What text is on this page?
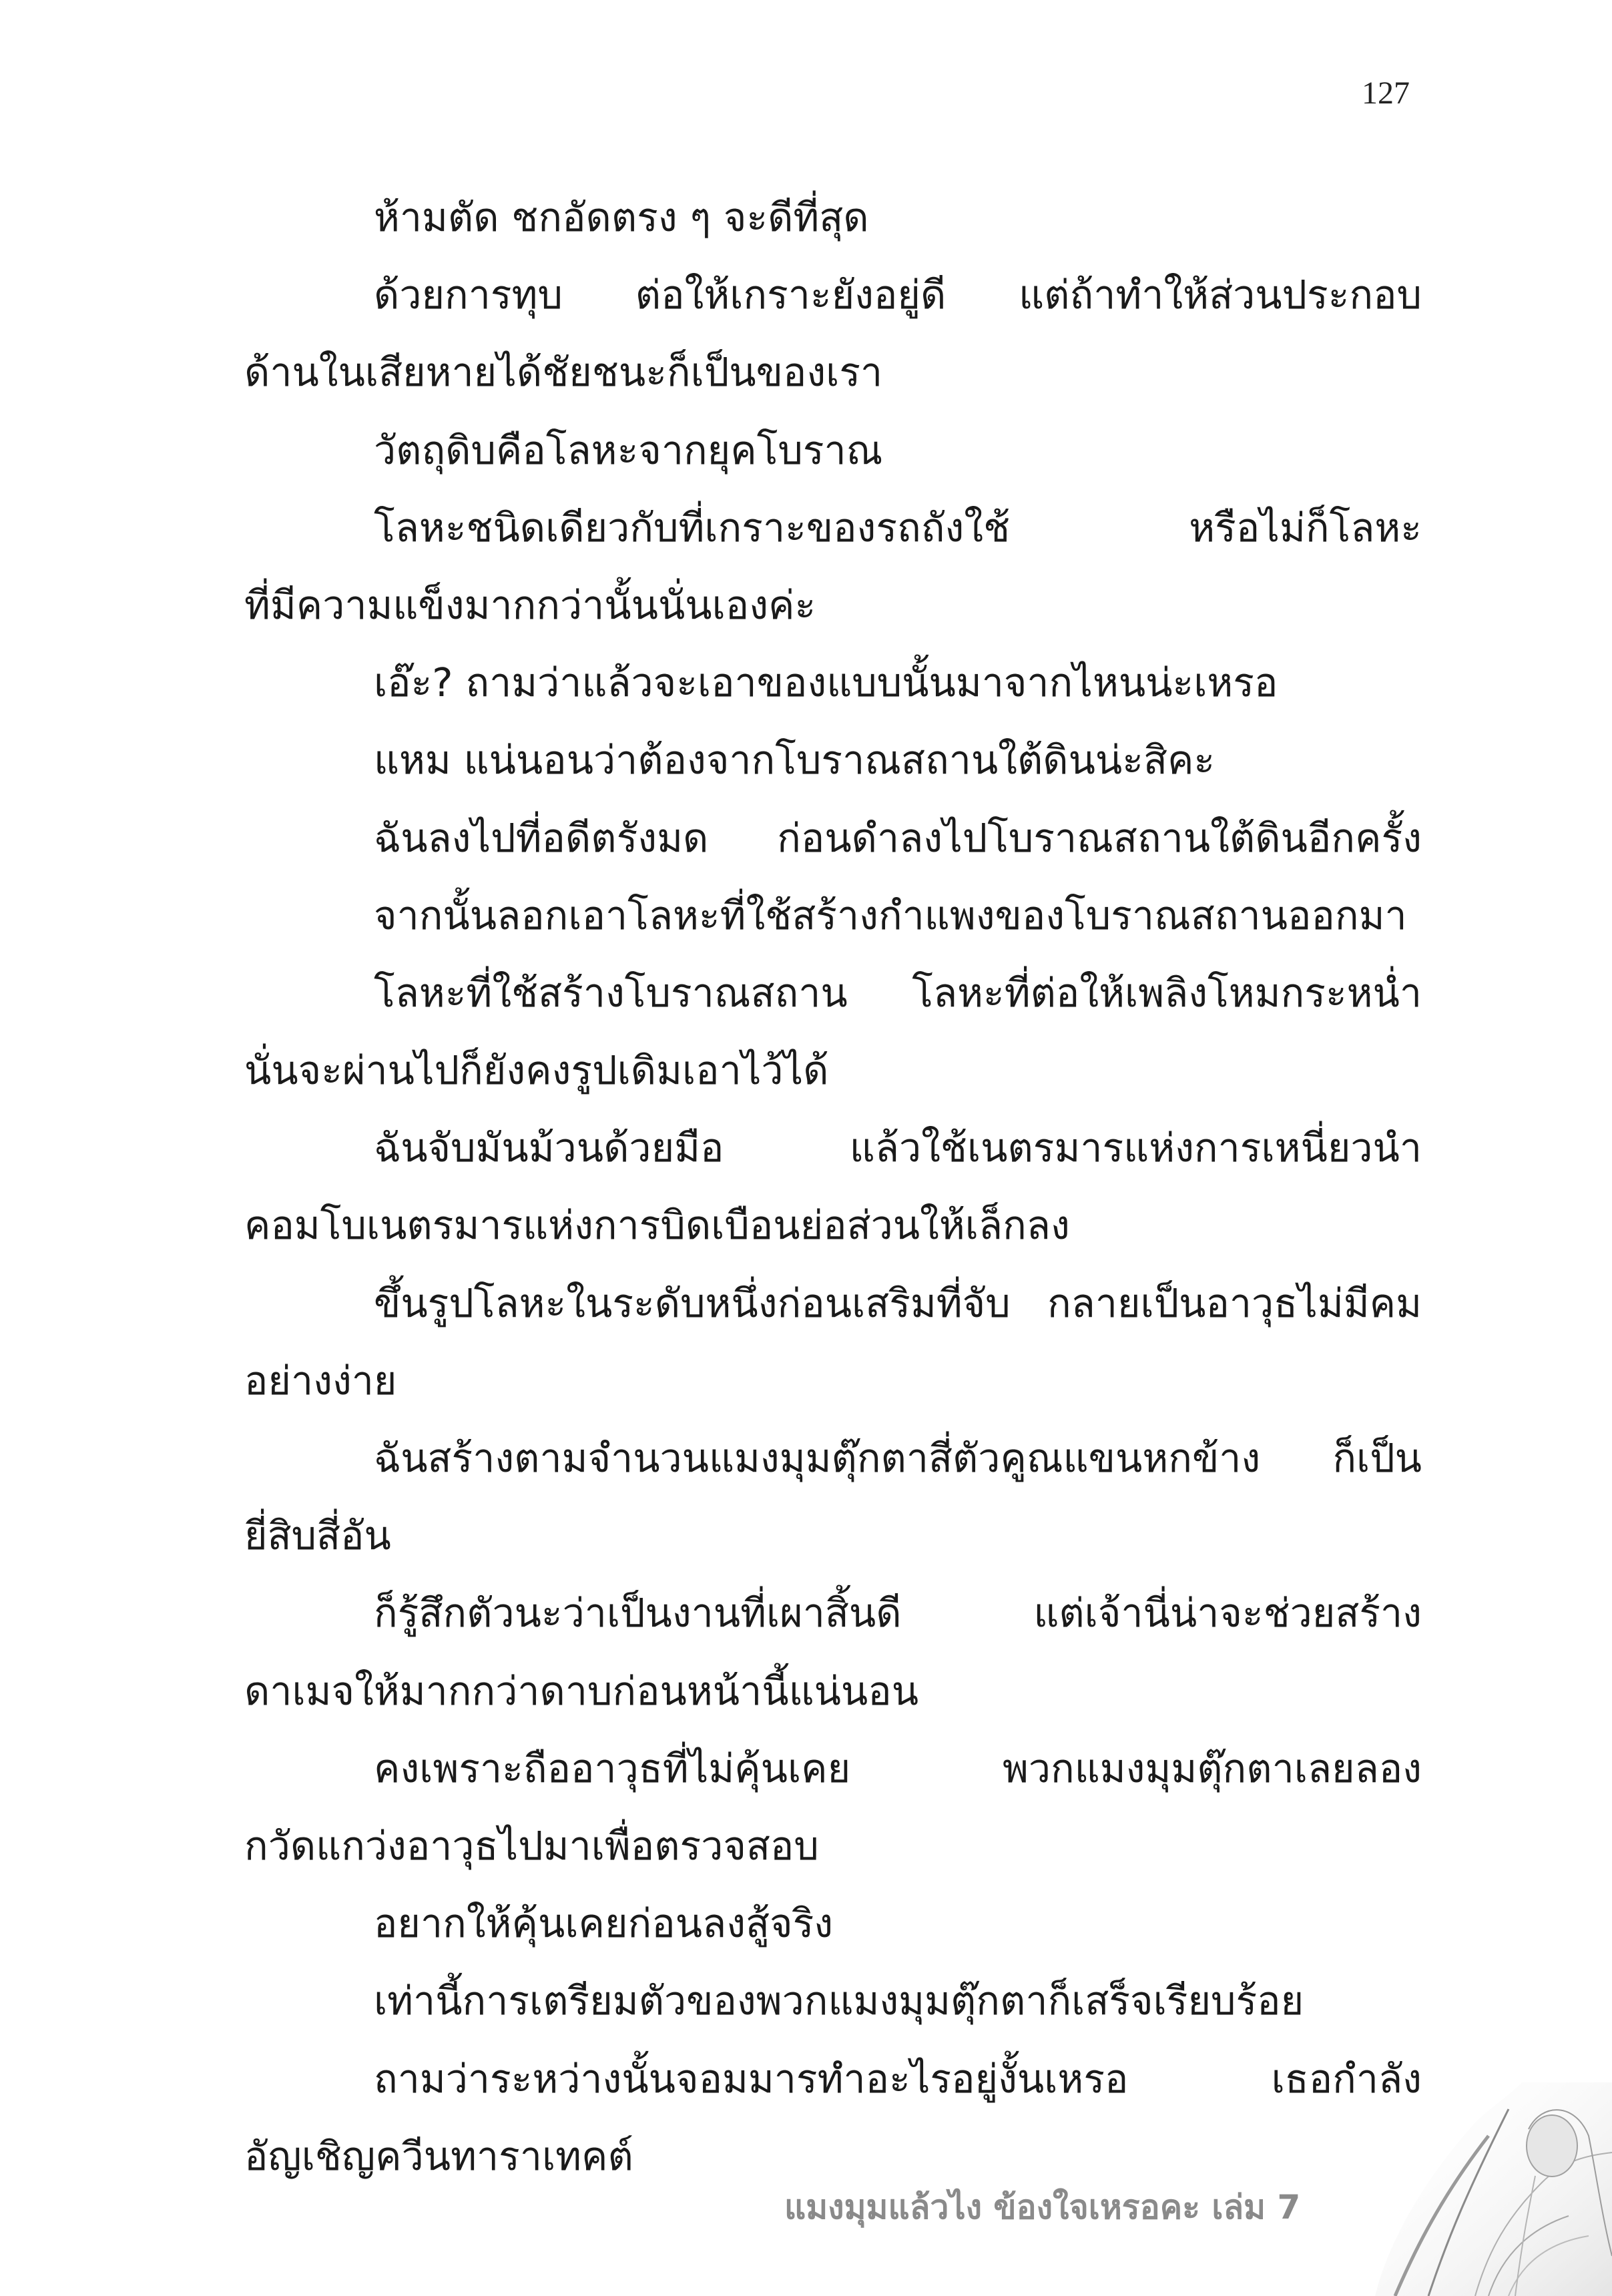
127
ห้ามตัด ชกอัดตรง ๆ จะดีที่สุด
ด้วยการทุบ ต่อให้เกราะยังอยู่ดี แต่ถ้าทำให้ส่วนประกอบ
ด้านในเสียหายได้ชัยชนะก็เป็นของเรา
วัตถุดิบคือโลหะจากยุคโบราณ
โลหะชนิดเดียวกับที่เกราะของรถถังใช้ หรือไม่ก็โลหะ
ที่มีความแข็งมากกว่านั้นนั่นเองค่ะ
เอ๊ะ? ถามว่าแล้วจะเอาของแบบนั้นมาจากไหนน่ะเหรอ
แหม แน่นอนว่าต้องจากโบราณสถานใต้ดินน่ะสิคะ
ฉันลงไปที่อดีตรังมด ก่อนดำลงไปโบราณสถานใต้ดินอีกครั้ง
จากนั้นลอกเอาโลหะที่ใช้สร้างกำแพงของโบราณสถานออกมา
โลหะที่ใช้สร้างโบราณสถาน โลหะที่ต่อให้เพลิงโหมกระหน่ำ
นั่นจะผ่านไปก็ยังคงรูปเดิมเอาไว้ได้
ฉันจับมันม้วนด้วยมือ แล้วใช้เนตรมารแห่งการเหนี่ยวนำ
คอมโบเนตรมารแห่งการบิดเบือนย่อส่วนให้เล็กลง
ขึ้นรูปโลหะในระดับหนึ่งก่อนเสริมที่จับ กลายเป็นอาวุธไม่มีคม
อย่างง่าย
ฉันสร้างตามจำนวนแมงมุมตุ๊กตาสี่ตัวคูณแขนหกข้าง ก็เป็น
ยี่สิบสี่อัน
ก็รู้สึกตัวนะว่าเป็นงานที่เผาสิ้นดี แต่เจ้านี่น่าจะช่วยสร้าง
ดาเมจให้มากกว่าดาบก่อนหน้านี้แน่นอน
คงเพราะถืออาวุธที่ไม่คุ้นเคย พวกแมงมุมตุ๊กตาเลยลอง
กวัดแกว่งอาวุธไปมาเพื่อตรวจสอบ
อยากให้คุ้นเคยก่อนลงสู้จริง
เท่านี้การเตรียมตัวของพวกแมงมุมตุ๊กตาก็เสร็จเรียบร้อย
ถามว่าระหว่างนั้นจอมมารทำอะไรอยู่งั้นเหรอ เธอกำลัง
อัญเชิญควีนทาราเทคต์
แมงมุมแล้วไง ข้องใจเหรอคะ เล่ม 7
